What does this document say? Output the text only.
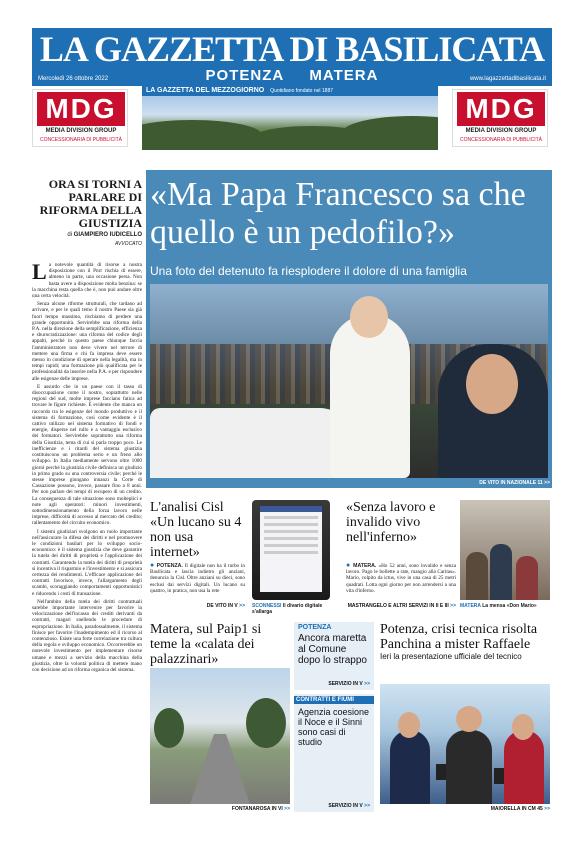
LA GAZZETTA DI BASILICATA
Mercoledì 26 ottobre 2022	POTENZA MATERA	www.lagazzettadibasilicata.it
LA GAZZETTA DEL MEZZOGIORNO Quotidiano fondato nel 1887
MDG
MEDIA DIVISION GROUP
CONCESSIONARIA DI PUBBLICITÀ
MDG
MEDIA DIVISION GROUP
CONCESSIONARIA DI PUBBLICITÀ
ORA SI TORNI A PARLARE DI RIFORMA DELLA GIUSTIZIA
di GIAMPIERO IUDICELLO
AVVOCATO

La notevole quantità di risorse a nostra disposizione con il Pnrr rischia di essere, almeno in parte, una occasione persa. Non basta avere a disposizione molta benzina: se la macchina resta quella che è, non può andare oltre una certa velocità.

Senza alcune riforme strutturali, che tardano ad arrivare, e per le quali temo il nostro Paese sia già fuori tempo massimo, rischiamo di perdere una grande opportunità. Servirebbe una riforma della P.A. nella direzione della semplificazione, efficienza e sburocratizzazione: una riforma del codice degli appalti, perché in questo paese chiunque faccia l'amministratore non deve vivere nel terrore di mettere una firma e chi fa impresa deve essere messo in condizione di operare nella legalità, ma in tempi rapidi; una formazione più qualificata per le professionalità da inserire nella P.A. e per rispondere alle esigenze delle imprese.

E assurdo che in un paese con il tasso di disoccupazione come il nostro, soprattutto nelle regioni del sud, molte imprese facciano fatica ad trovare le figure richieste. È evidente che manca un raccordo tra le esigenze del mondo produttivo e il sistema di formazione, così come evidente è il cattivo utilizzo nel sistema formativo di fondi e energie, disperse nel rullo e a vantaggio esclusivo dei formatori. Servirebbe soprattutto una riforma della Giustizia, tema di cui si parla troppo poco. Le inefficienze e i ritardi del sistema giustizia costituiscono un problema serio e un freno allo sviluppo. In Italia mediamente servono oltre 1000 giorni perché la giustizia civile definisca un giudizio in primo grado su una controversia civile; perché le stesse imprese giungano innanzi la Corte di Cassazione possono, invece, passare fino a 8 anni. Per non parlare dei tempi di recupero di un credito. La conseguenza di tale situazione sono molteplici e note agli operatori: minori investimenti, sottodimensionamento della forza lavoro nelle imprese, difficoltà di accesso al mercato del credito; rallentamento del circuito economico.

I sistemi giudiziari svolgono un ruolo importante nell'assicurare la difesa dei diritti e nel promuovere le condizioni basilari per lo sviluppo socio-economico: è il sistema giustizia che deve garantire la tutela dei diritti di proprietà e l'applicazione dei contratti. Garantendo la tutela dei diritti di proprietà si incentiva il risparmio e l'investimento e si assicura certezza dei rendimenti. L'efficace applicazione dei contratti favorisce, invece, l'allargamento degli scambi, scoraggiando comportamenti opportunistici e riducendo i costi di transazione.

Nell'ambito della tutela dei diritti contrattuali sarebbe importante intervenire per favorire la velocizzazione dell'incasso dei crediti derivanti da contratti, magari snellendo le procedure di espropriazione. In Italia, paradossalmente, il sistema finisce per favorire l'inadempimento ed il ricorso al contenzioso. Esiste una forte correlazione tra cultura della regola e sviluppo economico. Occorrerebbe un notevole investimento per implementare risorse umane e mezzi a servizio della macchina della giustizia, oltre la volontà politica di mettere mano con decisione ad un riforma organica del sistema.

«Ma Papa Francesco sa che quello è un pedofilo?»
Una foto del detenuto fa riesplodere il dolore di una famiglia
DE VITO IN NAZIONALE 11 >>
L'analisi Cisl «Un lucano su 4 non usa internet»
● POTENZA. Il digitale non ha il turbo in Basilicata e lascia indietro gli anziani, denuncia la Cisl. Oltre anziani su dieci, sono esclusi dai servizi digitali. Un lucano su quattro, in pratica, non usa la rete
DE VITO IN V >> SCONNESSI Il divario digitale s'allarga
«Senza lavoro e invalido vivo nell'inferno»
● MATERA. «Ho 52 anni, sono invalido e senza lavoro. Pago le bollette a rate, mangio alla Caritas». Mario, colpito da ictus, vive in una casa di 25 metri quadrati. Lotta ogni giorno per non arrendersi a una vita d'inferno.
MASTRANGELO E ALTRI SERVIZI IN II E III >> MATERA La mensa «Don Mario»
Matera, sul Paip1 si teme la «calata dei palazzinari»
FONTANAROSA IN VI >>
POTENZA
Ancora maretta al Comune dopo lo strappo
SERVIZIO IN V >>
CONTRATTI E FIUMI
Agenzia coesione il Noce e il Sinni sono casi di studio
SERVIZIO IN V >>
Potenza, crisi tecnica risolta Panchina a mister Raffaele
Ieri la presentazione ufficiale del tecnico
MAIORELLA IN CM 45 >>
